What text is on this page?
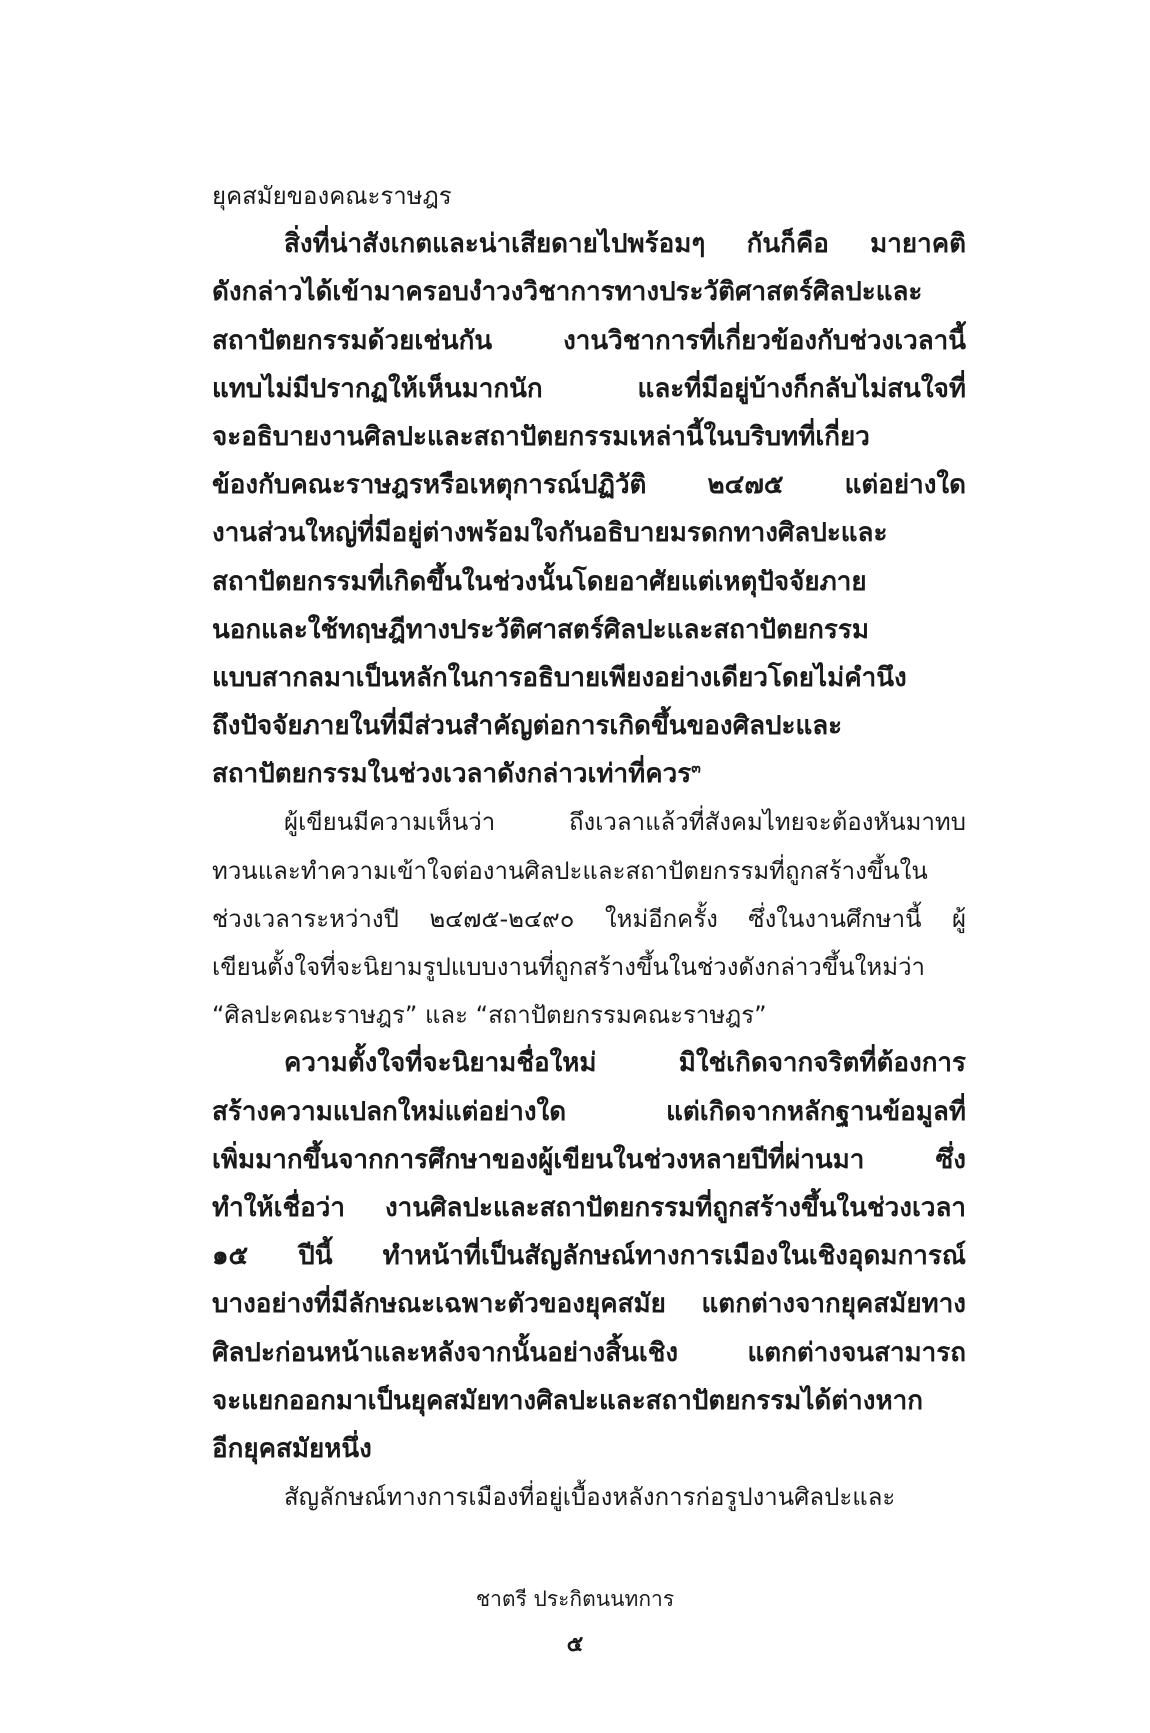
ยุคสมัยของคณะราษฎร
สิ่งที่น่าสังเกตและน่าเสียดายไปพร้อมๆ กันก็คือ มายาคติ
ดังกล่าวได้เข้ามาครอบงำวงวิชาการทางประวัติศาสตร์ศิลปะและ
สถาปัตยกรรมด้วยเช่นกัน งานวิชาการที่เกี่ยวข้องกับช่วงเวลานี้
แทบไม่มีปรากฏให้เห็นมากนัก และที่มีอยู่บ้างก็กลับไม่สนใจที่
จะอธิบายงานศิลปะและสถาปัตยกรรมเหล่านี้ในบริบทที่เกี่ยว
ข้องกับคณะราษฎรหรือเหตุการณ์ปฏิวัติ ๒๔๗๕ แต่อย่างใด
งานส่วนใหญ่ที่มีอยู่ต่างพร้อมใจกันอธิบายมรดกทางศิลปะและ
สถาปัตยกรรมที่เกิดขึ้นในช่วงนั้นโดยอาศัยแต่เหตุปัจจัยภาย
นอกและใช้ทฤษฎีทางประวัติศาสตร์ศิลปะและสถาปัตยกรรม
แบบสากลมาเป็นหลักในการอธิบายเพียงอย่างเดียวโดยไม่คำนึง
ถึงปัจจัยภายในที่มีส่วนสำคัญต่อการเกิดขึ้นของศิลปะและ
สถาปัตยกรรมในช่วงเวลาดังกล่าวเท่าที่ควร$^๓$
ผู้เขียนมีความเห็นว่า ถึงเวลาแล้วที่สังคมไทยจะต้องหันมาทบ
ทวนและทำความเข้าใจต่องานศิลปะและสถาปัตยกรรมที่ถูกสร้างขึ้นใน
ช่วงเวลาระหว่างปี ๒๔๗๕-๒๔๙๐ ใหม่อีกครั้ง ซึ่งในงานศึกษานี้ ผู้
เขียนตั้งใจที่จะนิยามรูปแบบงานที่ถูกสร้างขึ้นในช่วงดังกล่าวขึ้นใหม่ว่า
“ศิลปะคณะราษฎร” และ “สถาปัตยกรรมคณะราษฎร”
ความตั้งใจที่จะนิยามชื่อใหม่ มิใช่เกิดจากจริตที่ต้องการ
สร้างความแปลกใหม่แต่อย่างใด แต่เกิดจากหลักฐานข้อมูลที่
เพิ่มมากขึ้นจากการศึกษาของผู้เขียนในช่วงหลายปีที่ผ่านมา ซึ่ง
ทำให้เชื่อว่า งานศิลปะและสถาปัตยกรรมที่ถูกสร้างขึ้นในช่วงเวลา
๑๕ ปีนี้ ทำหน้าที่เป็นสัญลักษณ์ทางการเมืองในเชิงอุดมการณ์
บางอย่างที่มีลักษณะเฉพาะตัวของยุคสมัย แตกต่างจากยุคสมัยทาง
ศิลปะก่อนหน้าและหลังจากนั้นอย่างสิ้นเชิง แตกต่างจนสามารถ
จะแยกออกมาเป็นยุคสมัยทางศิลปะและสถาปัตยกรรมได้ต่างหาก
อีกยุคสมัยหนึ่ง
สัญลักษณ์ทางการเมืองที่อยู่เบื้องหลังการก่อรูปงานศิลปะและ
ชาตรี ประกิตนนทการ
๕
